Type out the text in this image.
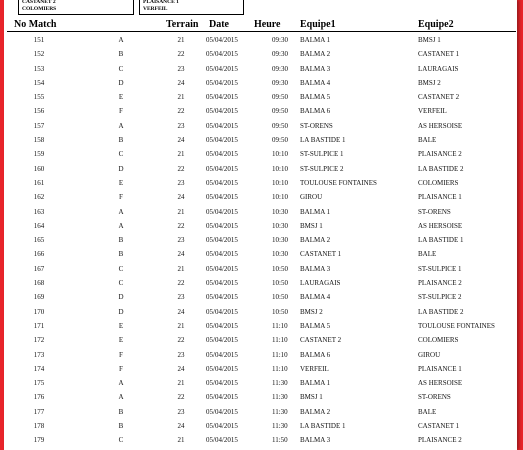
CASTANET 2
COLOMIERS
PLAISANCE 1
VERFEIL
No Match	Terrain Date	Heure Equipe1	Equipe2
151	A	21	05/04/2015	09:30 BALMA 1	BMSJ 1
152	B	22	05/04/2015	09:30 BALMA 2	CASTANET 1
153	C	23	05/04/2015	09:30 BALMA 3	LAURAGAIS
154	D	24	05/04/2015	09:30 BALMA 4	BMSJ 2
155	E	21	05/04/2015	09:50 BALMA 5	CASTANET 2
156	F	22	05/04/2015	09:50 BALMA 6	VERFEIL
157	A	23	05/04/2015	09:50 ST-ORENS	AS HERSOISE
158	B	24	05/04/2015	09:50 LA BASTIDE 1	BALE
159	C	21	05/04/2015	10:10 ST-SULPICE 1	PLAISANCE 2
160	D	22	05/04/2015	10:10 ST-SULPICE 2	LA BASTIDE 2
161	E	23	05/04/2015	10:10 TOULOUSE FONTAINES	COLOMIERS
162	F	24	05/04/2015	10:10 GIROU	PLAISANCE 1
163	A	21	05/04/2015	10:30 BALMA 1	ST-ORENS
164	A	22	05/04/2015	10:30 BMSJ 1	AS HERSOISE
165	B	23	05/04/2015	10:30 BALMA 2	LA BASTIDE 1
166	B	24	05/04/2015	10:30 CASTANET 1	BALE
167	C	21	05/04/2015	10:50 BALMA 3	ST-SULPICE 1
168	C	22	05/04/2015	10:50 LAURAGAIS	PLAISANCE 2
169	D	23	05/04/2015	10:50 BALMA 4	ST-SULPICE 2
170	D	24	05/04/2015	10:50 BMSJ 2	LA BASTIDE 2
171	E	21	05/04/2015	11:10 BALMA 5	TOULOUSE FONTAINES
172	E	22	05/04/2015	11:10 CASTANET 2	COLOMIERS
173	F	23	05/04/2015	11:10 BALMA 6	GIROU
174	F	24	05/04/2015	11:10 VERFEIL	PLAISANCE 1
175	A	21	05/04/2015	11:30 BALMA 1	AS HERSOISE
176	A	22	05/04/2015	11:30 BMSJ 1	ST-ORENS
177	B	23	05/04/2015	11:30 BALMA 2	BALE
178	B	24	05/04/2015	11:30 LA BASTIDE 1	CASTANET 1
179	C	21	05/04/2015	11:50 BALMA 3	PLAISANCE 2
